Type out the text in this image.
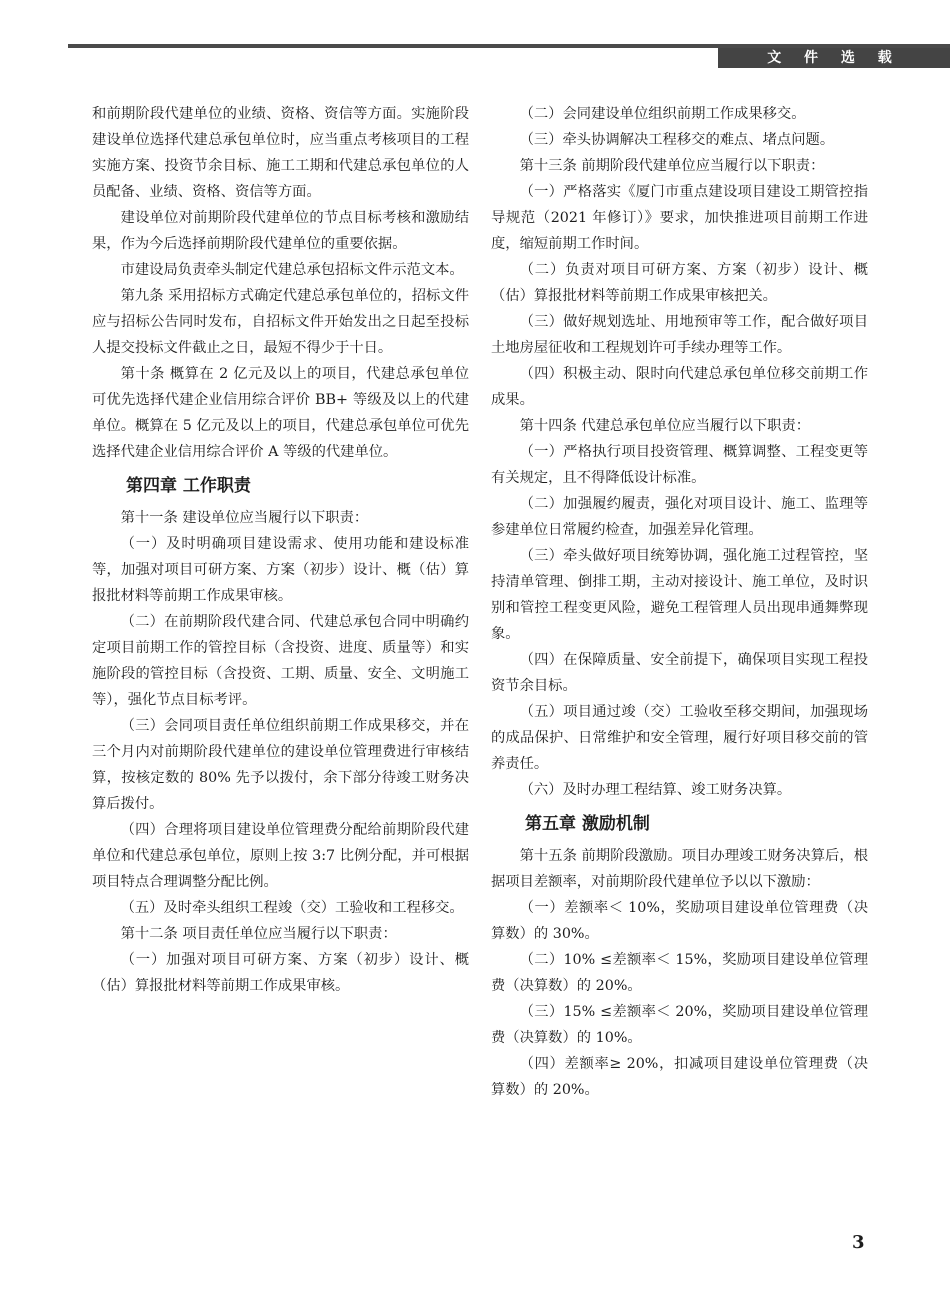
文 件 选 载

和前期阶段代建单位的业绩、资格、资信等方面。实施阶段建设单位选择代建总承包单位时，应当重点考核项目的工程实施方案、投资节余目标、施工工期和代建总承包单位的人员配备、业绩、资格、资信等方面。

建设单位对前期阶段代建单位的节点目标考核和激励结果，作为今后选择前期阶段代建单位的重要依据。

市建设局负责牵头制定代建总承包招标文件示范文本。

第九条 采用招标方式确定代建总承包单位的，招标文件应与招标公告同时发布，自招标文件开始发出之日起至投标人提交投标文件截止之日，最短不得少于十日。

第十条 概算在 2 亿元及以上的项目，代建总承包单位可优先选择代建企业信用综合评价 BB+ 等级及以上的代建单位。概算在 5 亿元及以上的项目，代建总承包单位可优先选择代建企业信用综合评价 A 等级的代建单位。

第四章 工作职责

第十一条 建设单位应当履行以下职责：

（一）及时明确项目建设需求、使用功能和建设标准等，加强对项目可研方案、方案（初步）设计、概（估）算报批材料等前期工作成果审核。

（二）在前期阶段代建合同、代建总承包合同中明确约定项目前期工作的管控目标（含投资、进度、质量等）和实施阶段的管控目标（含投资、工期、质量、安全、文明施工等），强化节点目标考评。

（三）会同项目责任单位组织前期工作成果移交，并在三个月内对前期阶段代建单位的建设单位管理费进行审核结算，按核定数的 80% 先予以拨付，余下部分待竣工财务决算后拨付。

（四）合理将项目建设单位管理费分配给前期阶段代建单位和代建总承包单位，原则上按 3:7 比例分配，并可根据项目特点合理调整分配比例。

（五）及时牵头组织工程竣（交）工验收和工程移交。

第十二条 项目责任单位应当履行以下职责：

（一）加强对项目可研方案、方案（初步）设计、概（估）算报批材料等前期工作成果审核。

（二）会同建设单位组织前期工作成果移交。

（三）牵头协调解决工程移交的难点、堵点问题。

第十三条 前期阶段代建单位应当履行以下职责：

（一）严格落实《厦门市重点建设项目建设工期管控指导规范（2021 年修订）》要求，加快推进项目前期工作进度，缩短前期工作时间。

（二）负责对项目可研方案、方案（初步）设计、概（估）算报批材料等前期工作成果审核把关。

（三）做好规划选址、用地预审等工作，配合做好项目土地房屋征收和工程规划许可手续办理等工作。

（四）积极主动、限时向代建总承包单位移交前期工作成果。

第十四条 代建总承包单位应当履行以下职责：

（一）严格执行项目投资管理、概算调整、工程变更等有关规定，且不得降低设计标准。

（二）加强履约履责，强化对项目设计、施工、监理等参建单位日常履约检查，加强差异化管理。

（三）牵头做好项目统筹协调，强化施工过程管控，坚持清单管理、倒排工期，主动对接设计、施工单位，及时识别和管控工程变更风险，避免工程管理人员出现串通舞弊现象。

（四）在保障质量、安全前提下，确保项目实现工程投资节余目标。

（五）项目通过竣（交）工验收至移交期间，加强现场的成品保护、日常维护和安全管理，履行好项目移交前的管养责任。

（六）及时办理工程结算、竣工财务决算。

第五章 激励机制

第十五条 前期阶段激励。项目办理竣工财务决算后，根据项目差额率，对前期阶段代建单位予以以下激励：

（一）差额率＜ 10%，奖励项目建设单位管理费（决算数）的 30%。

（二）10% ≤差额率＜ 15%，奖励项目建设单位管理费（决算数）的 20%。

（三）15% ≤差额率＜ 20%，奖励项目建设单位管理费（决算数）的 10%。

（四）差额率≥ 20%，扣减项目建设单位管理费（决算数）的 20%。

3
